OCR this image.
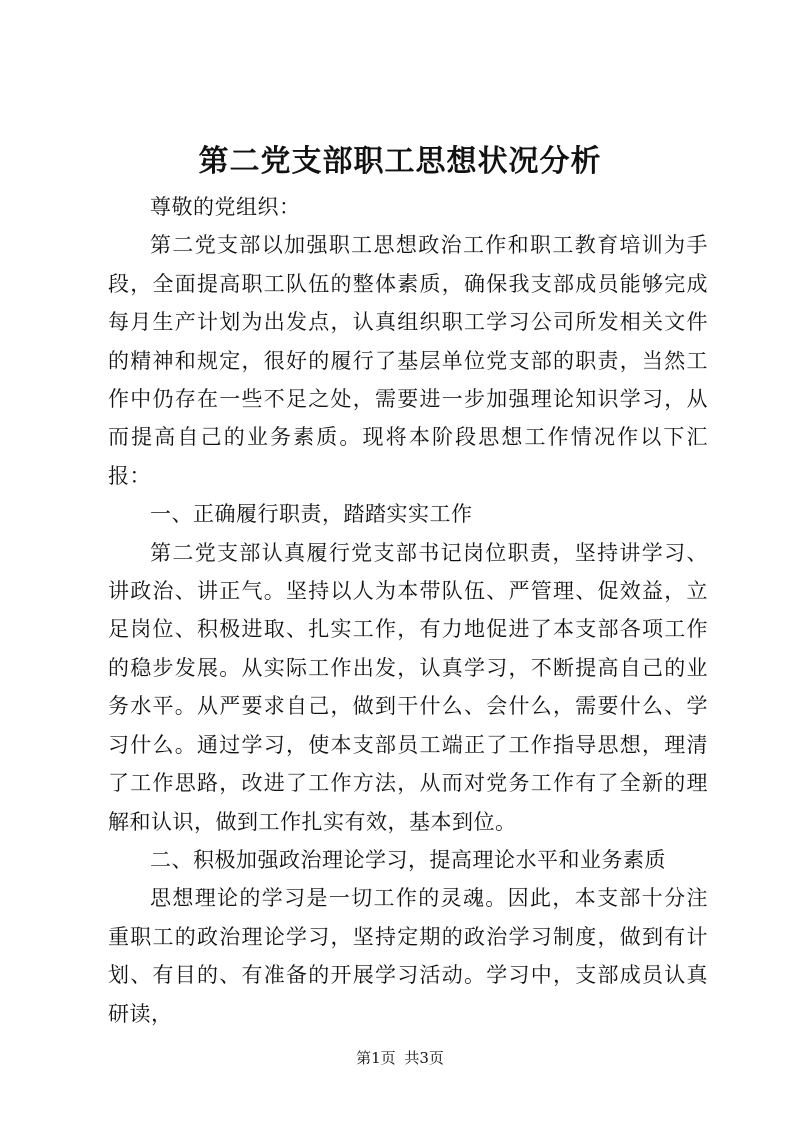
第二党支部职工思想状况分析

尊敬的党组织：

第二党支部以加强职工思想政治工作和职工教育培训为手段，全面提高职工队伍的整体素质，确保我支部成员能够完成每月生产计划为出发点，认真组织职工学习公司所发相关文件的精神和规定，很好的履行了基层单位党支部的职责，当然工作中仍存在一些不足之处，需要进一步加强理论知识学习，从而提高自己的业务素质。现将本阶段思想工作情况作以下汇报：

一、正确履行职责，踏踏实实工作

第二党支部认真履行党支部书记岗位职责，坚持讲学习、讲政治、讲正气。坚持以人为本带队伍、严管理、促效益，立足岗位、积极进取、扎实工作，有力地促进了本支部各项工作的稳步发展。从实际工作出发，认真学习，不断提高自己的业务水平。从严要求自己，做到干什么、会什么，需要什么、学习什么。通过学习，使本支部员工端正了工作指导思想，理清了工作思路，改进了工作方法，从而对党务工作有了全新的理解和认识，做到工作扎实有效，基本到位。

二、积极加强政治理论学习，提高理论水平和业务素质

思想理论的学习是一切工作的灵魂。因此，本支部十分注重职工的政治理论学习，坚持定期的政治学习制度，做到有计划、有目的、有准备的开展学习活动。学习中，支部成员认真研读，

第1页 共3页
